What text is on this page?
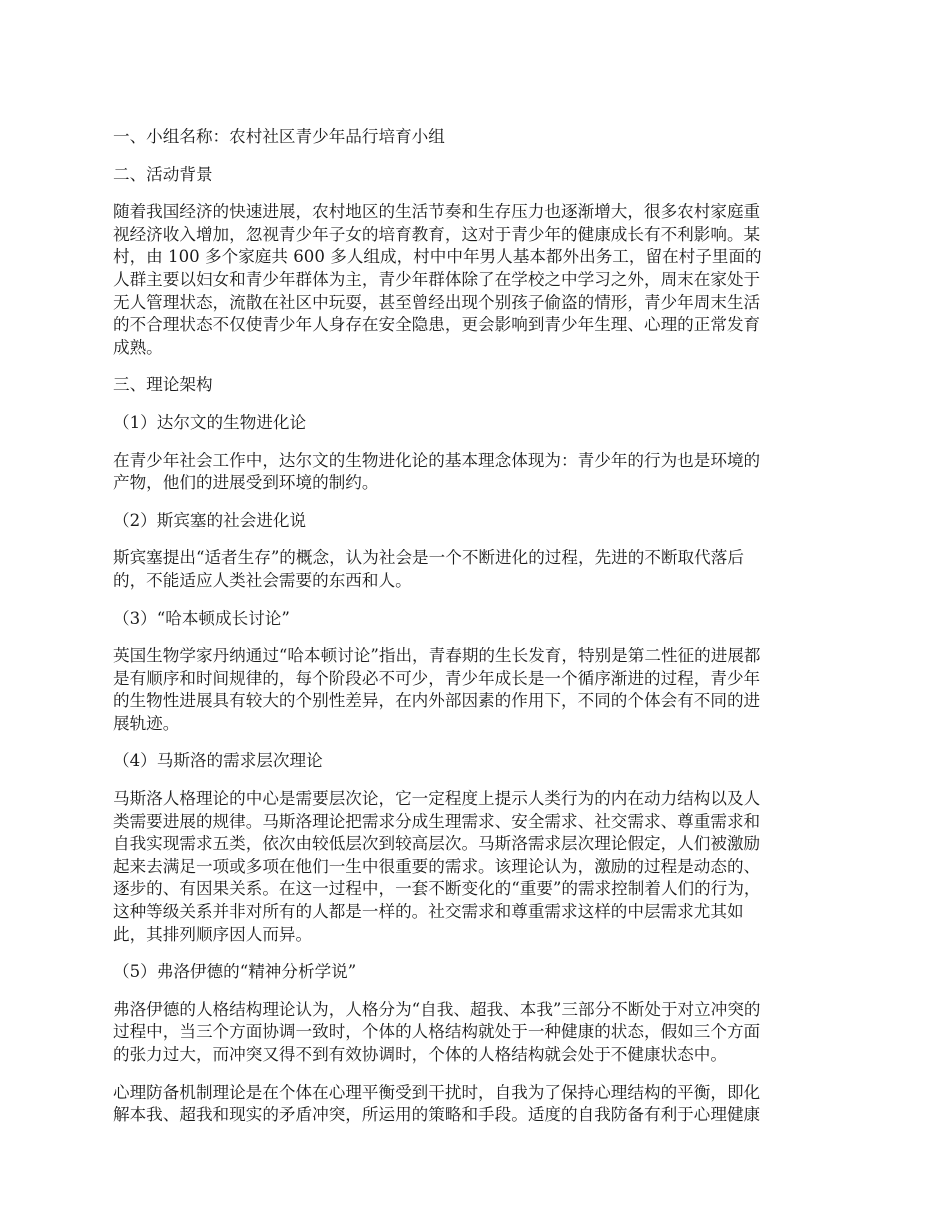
一、小组名称：农村社区青少年品行培育小组

二、活动背景

随着我国经济的快速进展，农村地区的生活节奏和生存压力也逐渐增大，很多农村家庭重
视经济收入增加，忽视青少年子女的培育教育，这对于青少年的健康成长有不利影响。某
村，由 100 多个家庭共 600 多人组成，村中中年男人基本都外出务工，留在村子里面的
人群主要以妇女和青少年群体为主，青少年群体除了在学校之中学习之外，周末在家处于
无人管理状态，流散在社区中玩耍，甚至曾经出现个别孩子偷盗的情形，青少年周末生活
的不合理状态不仅使青少年人身存在安全隐患，更会影响到青少年生理、心理的正常发育
成熟。

三、理论架构

（1）达尔文的生物进化论

在青少年社会工作中，达尔文的生物进化论的基本理念体现为：青少年的行为也是环境的
产物，他们的进展受到环境的制约。

（2）斯宾塞的社会进化说

斯宾塞提出“适者生存”的概念，认为社会是一个不断进化的过程，先进的不断取代落后
的，不能适应人类社会需要的东西和人。

（3）“哈本顿成长讨论”

英国生物学家丹纳通过“哈本顿讨论”指出，青春期的生长发育，特别是第二性征的进展都
是有顺序和时间规律的，每个阶段必不可少，青少年成长是一个循序渐进的过程，青少年
的生物性进展具有较大的个别性差异，在内外部因素的作用下，不同的个体会有不同的进
展轨迹。

（4）马斯洛的需求层次理论

马斯洛人格理论的中心是需要层次论，它一定程度上提示人类行为的内在动力结构以及人
类需要进展的规律。马斯洛理论把需求分成生理需求、安全需求、社交需求、尊重需求和
自我实现需求五类，依次由较低层次到较高层次。马斯洛需求层次理论假定，人们被激励
起来去满足一项或多项在他们一生中很重要的需求。该理论认为，激励的过程是动态的、
逐步的、有因果关系。在这一过程中，一套不断变化的“重要”的需求控制着人们的行为，
这种等级关系并非对所有的人都是一样的。社交需求和尊重需求这样的中层需求尤其如
此，其排列顺序因人而异。

（5）弗洛伊德的“精神分析学说”

弗洛伊德的人格结构理论认为，人格分为“自我、超我、本我”三部分不断处于对立冲突的
过程中，当三个方面协调一致时，个体的人格结构就处于一种健康的状态，假如三个方面
的张力过大，而冲突又得不到有效协调时，个体的人格结构就会处于不健康状态中。

心理防备机制理论是在个体在心理平衡受到干扰时，自我为了保持心理结构的平衡，即化
解本我、超我和现实的矛盾冲突，所运用的策略和手段。适度的自我防备有利于心理健康
